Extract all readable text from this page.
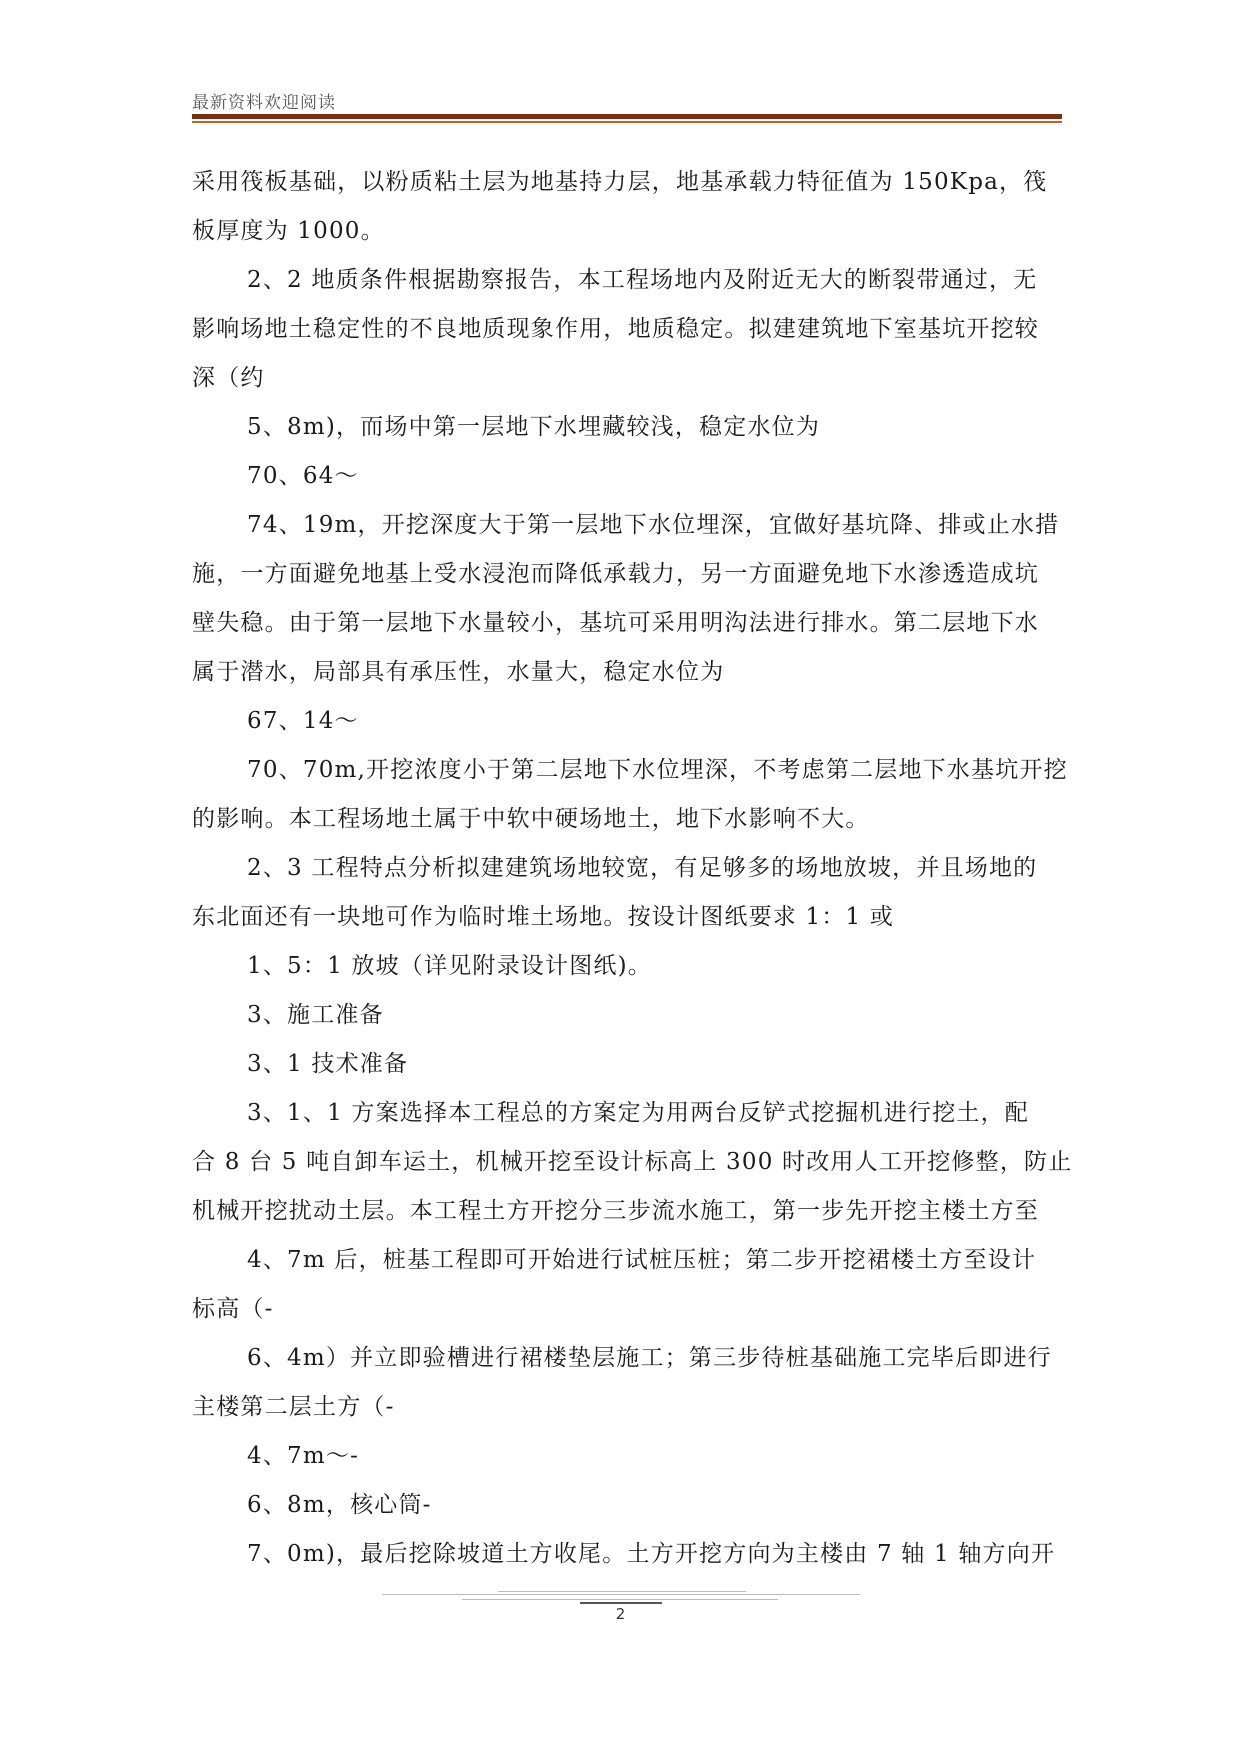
最新资料欢迎阅读
采用筏板基础，以粉质粘土层为地基持力层，地基承载力特征值为 150Kpa，筏
板厚度为 1000。
2、2 地质条件根据勘察报告，本工程场地内及附近无大的断裂带通过，无
影响场地土稳定性的不良地质现象作用，地质稳定。拟建建筑地下室基坑开挖较
深（约
5、8m)，而场中第一层地下水埋藏较浅，稳定水位为
70、64～
74、19m，开挖深度大于第一层地下水位埋深，宜做好基坑降、排或止水措
施，一方面避免地基上受水浸泡而降低承载力，另一方面避免地下水渗透造成坑
壁失稳。由于第一层地下水量较小，基坑可采用明沟法进行排水。第二层地下水
属于潜水，局部具有承压性，水量大，稳定水位为
67、14～
70、70m,开挖浓度小于第二层地下水位埋深，不考虑第二层地下水基坑开挖
的影响。本工程场地土属于中软中硬场地土，地下水影响不大。
2、3 工程特点分析拟建建筑场地较宽，有足够多的场地放坡，并且场地的
东北面还有一块地可作为临时堆土场地。按设计图纸要求 1：1 或
1、5：1 放坡（详见附录设计图纸)。
3、施工准备
3、1 技术准备
3、1、1 方案选择本工程总的方案定为用两台反铲式挖掘机进行挖土，配
合 8 台 5 吨自卸车运土，机械开挖至设计标高上 300 时改用人工开挖修整，防止
机械开挖扰动土层。本工程土方开挖分三步流水施工，第一步先开挖主楼土方至
4、7m 后，桩基工程即可开始进行试桩压桩；第二步开挖裙楼土方至设计
标高（-
6、4m）并立即验槽进行裙楼垫层施工；第三步待桩基础施工完毕后即进行
主楼第二层土方（-
4、7m～-
6、8m，核心筒-
7、0m)，最后挖除坡道土方收尾。土方开挖方向为主楼由 7 轴 1 轴方向开
2
